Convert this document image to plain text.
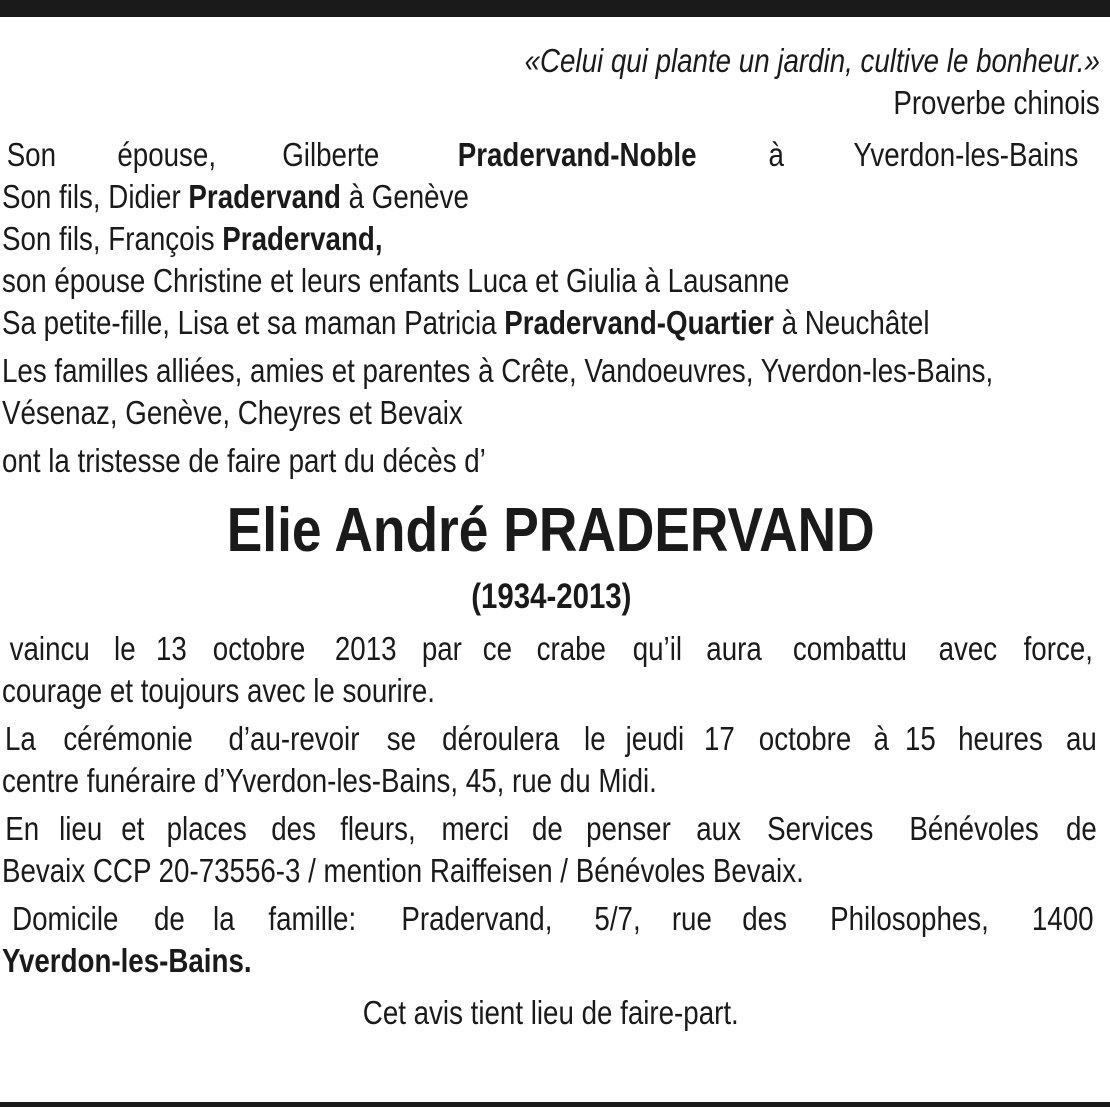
«Celui qui plante un jardin, cultive le bonheur.»
Proverbe chinois
Son épouse, Gilberte Pradervand-Noble à Yverdon-les-Bains
Son fils, Didier Pradervand à Genève
Son fils, François Pradervand,
son épouse Christine et leurs enfants Luca et Giulia à Lausanne
Sa petite-fille, Lisa et sa maman Patricia Pradervand-Quartier à Neuchâtel
Les familles alliées, amies et parentes à Crête, Vandoeuvres, Yverdon-les-Bains,
Vésenaz, Genève, Cheyres et Bevaix
ont la tristesse de faire part du décès d’
Elie André PRADERVAND
(1934-2013)
vaincu le 13 octobre 2013 par ce crabe qu’il aura combattu avec force,
courage et toujours avec le sourire.
La cérémonie d’au-revoir se déroulera le jeudi 17 octobre à 15 heures au
centre funéraire d’Yverdon-les-Bains, 45, rue du Midi.
En lieu et places des fleurs, merci de penser aux Services Bénévoles de
Bevaix CCP 20-73556-3 / mention Raiffeisen / Bénévoles Bevaix.
Domicile de la famille: Pradervand, 5/7, rue des Philosophes, 1400
Yverdon-les-Bains.
Cet avis tient lieu de faire-part.
